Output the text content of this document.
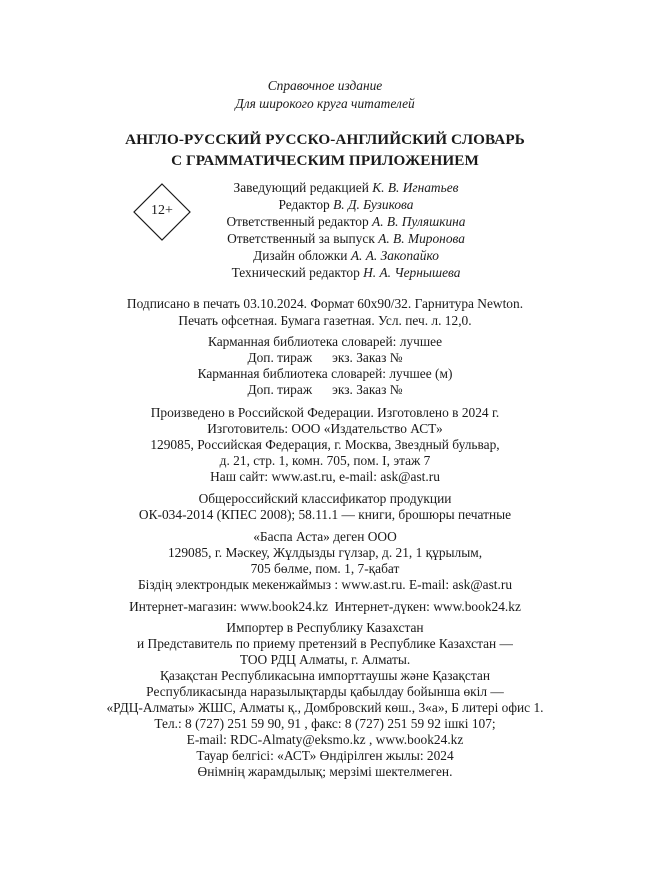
Справочное издание
Для широкого круга читателей
АНГЛО-РУССКИЙ РУССКО-АНГЛИЙСКИЙ СЛОВАРЬ
С ГРАММАТИЧЕСКИМ ПРИЛОЖЕНИЕМ
12+
Заведующий редакцией К. В. Игнатьев
Редактор В. Д. Бузикова
Ответственный редактор А. В. Пуляшкина
Ответственный за выпуск А. В. Миронова
Дизайн обложки А. А. Закопайко
Технический редактор Н. А. Чернышева
Подписано в печать 03.10.2024. Формат 60х90/32. Гарнитура Newton.
Печать офсетная. Бумага газетная. Усл. печ. л. 12,0.
Карманная библиотека словарей: лучшее
Доп. тираж      экз. Заказ №
Карманная библиотека словарей: лучшее (м)
Доп. тираж      экз. Заказ №
Произведено в Российской Федерации. Изготовлено в 2024 г.
Изготовитель: ООО «Издательство АСТ»
129085, Российская Федерация, г. Москва, Звездный бульвар,
д. 21, стр. 1, комн. 705, пом. I, этаж 7
Наш сайт: www.ast.ru, e-mail: ask@ast.ru
Общероссийский классификатор продукции
ОК-034-2014 (КПЕС 2008); 58.11.1 — книги, брошюры печатные
«Баспа Аста» деген ООО
129085, г. Мәскеу, Жұлдызды гүлзар, д. 21, 1 құрылым,
705 бөлме, пом. 1, 7-қабат
Біздің электрондык мекенжаймыз : www.ast.ru. E-mail: ask@ast.ru
Интернет-магазин: www.book24.kz  Интернет-дүкен: www.book24.kz
Импортер в Республику Казахстан
и Представитель по приему претензий в Республике Казахстан —
ТОО РДЦ Алматы, г. Алматы.
Қазақстан Республикасына импорттаушы және Қазақстан
Республикасында наразылықтарды қабылдау бойынша өкіл —
«РДЦ-Алматы» ЖШС, Алматы қ., Домбровский көш., 3«а», Б литері офис 1.
Тел.: 8 (727) 251 59 90, 91 , факс: 8 (727) 251 59 92 ішкі 107;
E-mail: RDC-Almaty@eksmo.kz , www.book24.kz
Тауар белгісі: «АСТ» Өндірілген жылы: 2024
Өнімнің жарамдылық; мерзімі шектелмеген.
